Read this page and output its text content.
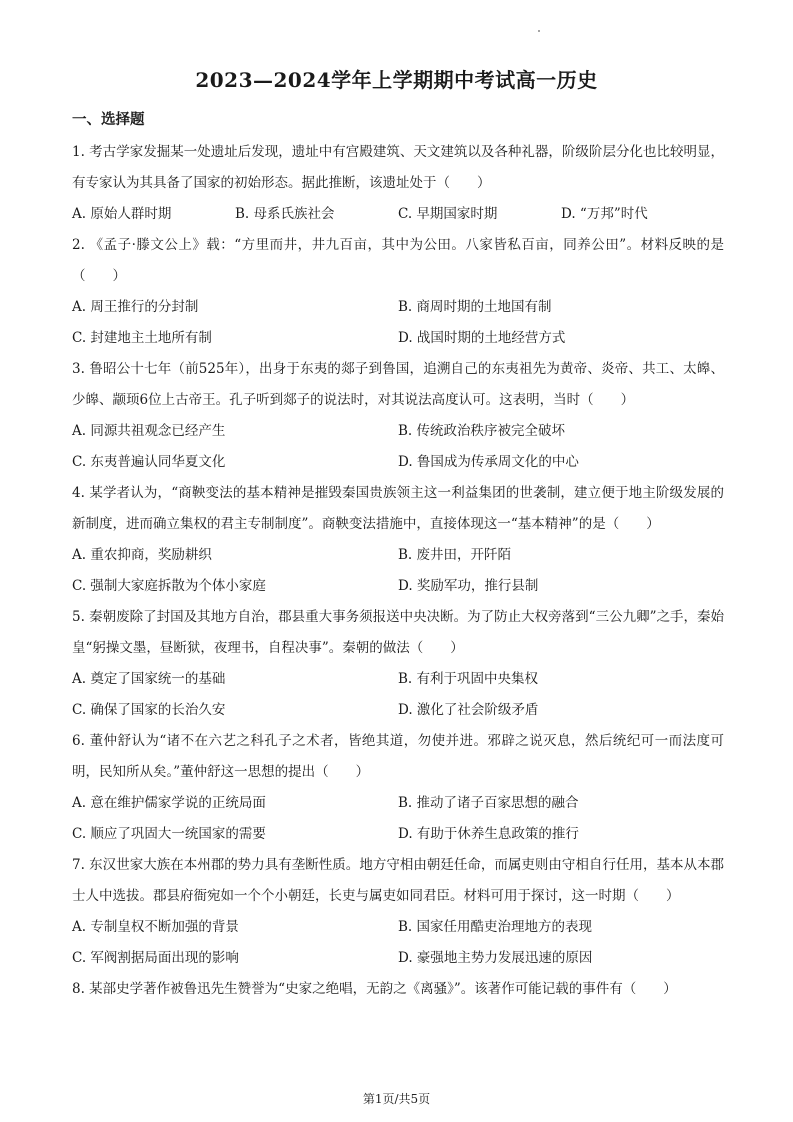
2023—2024学年上学期期中考试高一历史
一、选择题

1. 考古学家发掘某一处遗址后发现，遗址中有宫殿建筑、天文建筑以及各种礼器，阶级阶层分化也比较明显，有专家认为其具备了国家的初始形态。据此推断，该遗址处于（　　）

A. 原始人群时期	B. 母系氏族社会	C. 早期国家时期	D. “万邦”时代

2. 《孟子·滕文公上》载：“方里而井，井九百亩，其中为公田。八家皆私百亩，同养公田”。材料反映的是（　　）

A. 周王推行的分封制	B. 商周时期的土地国有制
C. 封建地主土地所有制	D. 战国时期的土地经营方式

3. 鲁昭公十七年（前525年），出身于东夷的郯子到鲁国，追溯自己的东夷祖先为黄帝、炎帝、共工、太皞、少皞、颛顼6位上古帝王。孔子听到郯子的说法时，对其说法高度认可。这表明，当时（　　）

A. 同源共祖观念已经产生	B. 传统政治秩序被完全破坏
C. 东夷普遍认同华夏文化	D. 鲁国成为传承周文化的中心

4. 某学者认为，“商鞅变法的基本精神是摧毁秦国贵族领主这一利益集团的世袭制，建立便于地主阶级发展的新制度，进而确立集权的君主专制制度”。商鞅变法措施中，直接体现这一“基本精神”的是（　　）

A. 重农抑商，奖励耕织	B. 废井田，开阡陌
C. 强制大家庭拆散为个体小家庭	D. 奖励军功，推行县制

5. 秦朝废除了封国及其地方自治，郡县重大事务须报送中央决断。为了防止大权旁落到“三公九卿”之手，秦始皇“躬操文墨，昼断狱，夜理书，自程决事”。秦朝的做法（　　）

A. 奠定了国家统一的基础	B. 有利于巩固中央集权
C. 确保了国家的长治久安	D. 激化了社会阶级矛盾

6. 董仲舒认为“诸不在六艺之科孔子之术者，皆绝其道，勿使并进。邪辟之说灭息，然后统纪可一而法度可明，民知所从矣。”董仲舒这一思想的提出（　　）

A. 意在维护儒家学说的正统局面	B. 推动了诸子百家思想的融合
C. 顺应了巩固大一统国家的需要	D. 有助于休养生息政策的推行

7. 东汉世家大族在本州郡的势力具有垄断性质。地方守相由朝廷任命，而属吏则由守相自行任用，基本从本郡士人中选拔。郡县府衙宛如一个个小朝廷，长吏与属吏如同君臣。材料可用于探讨，这一时期（　　）

A. 专制皇权不断加强的背景	B. 国家任用酷吏治理地方的表现
C. 军阀割据局面出现的影响	D. 豪强地主势力发展迅速的原因

8. 某部史学著作被鲁迅先生赞誉为“史家之绝唱，无韵之《离骚》”。该著作可能记载的事件有（　　）

第1页/共5页
